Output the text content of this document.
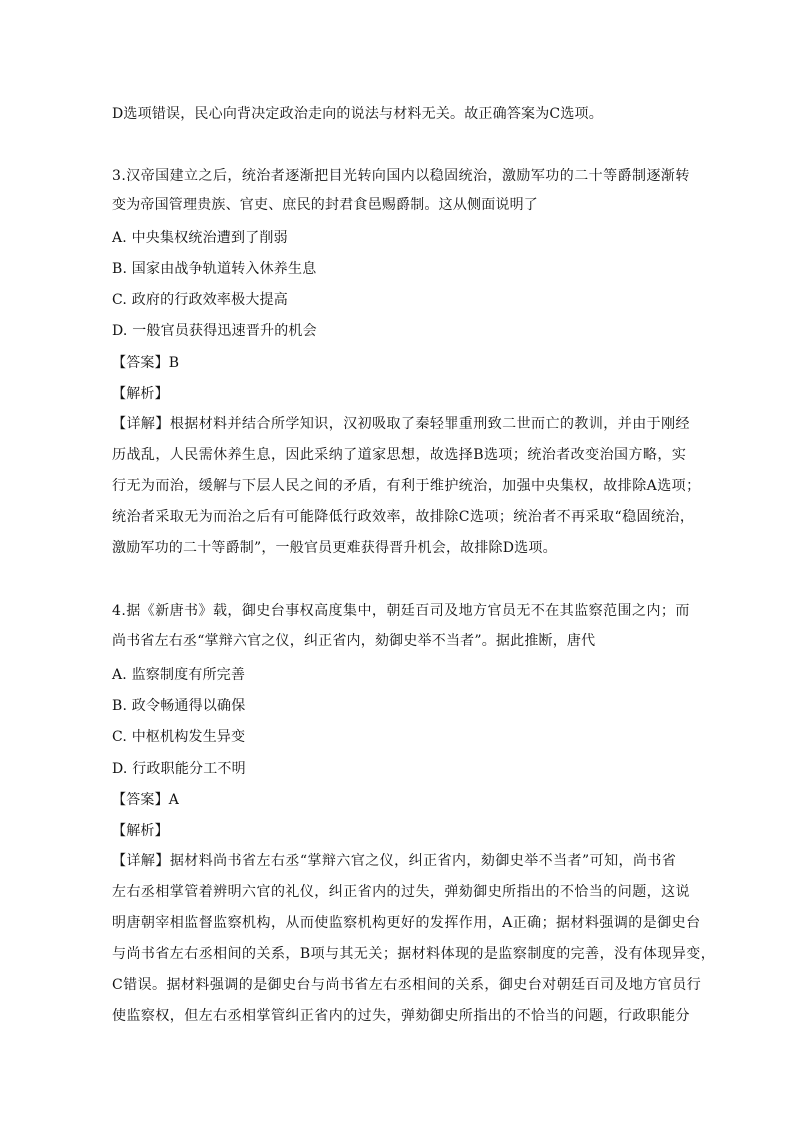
D选项错误，民心向背决定政治走向的说法与材料无关。故正确答案为C选项。
3.汉帝国建立之后，统治者逐渐把目光转向国内以稳固统治，激励军功的二十等爵制逐渐转
变为帝国管理贵族、官吏、庶民的封君食邑赐爵制。这从侧面说明了
A. 中央集权统治遭到了削弱
B. 国家由战争轨道转入休养生息
C. 政府的行政效率极大提高
D. 一般官员获得迅速晋升的机会
【答案】B
【解析】
【详解】根据材料并结合所学知识，汉初吸取了秦轻罪重刑致二世而亡的教训，并由于刚经
历战乱，人民需休养生息，因此采纳了道家思想，故选择B选项；统治者改变治国方略，实
行无为而治，缓解与下层人民之间的矛盾，有利于维护统治，加强中央集权，故排除A选项；
统治者采取无为而治之后有可能降低行政效率，故排除C选项；统治者不再采取“稳固统治，
激励军功的二十等爵制”，一般官员更难获得晋升机会，故排除D选项。
4.据《新唐书》载，御史台事权高度集中，朝廷百司及地方官员无不在其监察范围之内；而
尚书省左右丞“掌辩六官之仪，纠正省内，劾御史举不当者”。据此推断，唐代
A. 监察制度有所完善
B. 政令畅通得以确保
C. 中枢机构发生异变
D. 行政职能分工不明
【答案】A
【解析】
【详解】据材料尚书省左右丞“掌辩六官之仪，纠正省内，劾御史举不当者”可知，尚书省
左右丞相掌管着辨明六官的礼仪，纠正省内的过失，弹劾御史所指出的不恰当的问题，这说
明唐朝宰相监督监察机构，从而使监察机构更好的发挥作用，A正确；据材料强调的是御史台
与尚书省左右丞相间的关系，B项与其无关；据材料体现的是监察制度的完善，没有体现异变，
C错误。据材料强调的是御史台与尚书省左右丞相间的关系，御史台对朝廷百司及地方官员行
使监察权，但左右丞相掌管纠正省内的过失，弹劾御史所指出的不恰当的问题，行政职能分
